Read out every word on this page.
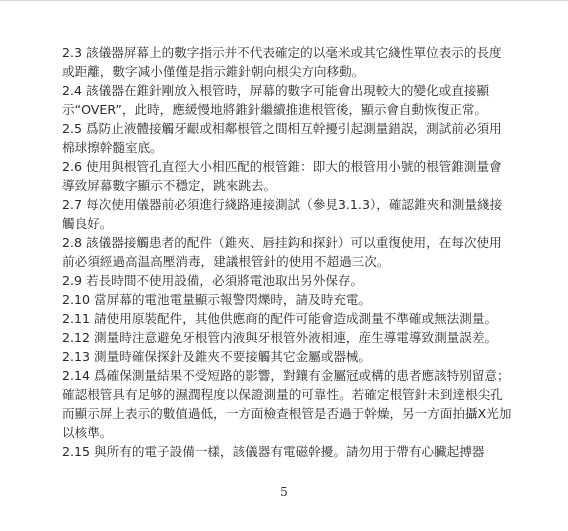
2.3 該儀器屏幕上的數字指示并不代表確定的以毫米或其它綫性單位表示的長度或距離，數字减小僅僅是指示錐針朝向根尖方向移動。

2.4 該儀器在錐針剛放入根管時，屏幕的數字可能會出現較大的變化或直接顯示“OVER”，此時，應緩慢地將錐針繼續推進根管後，顯示會自動恢復正常。

2.5 爲防止液體接觸牙齦或相鄰根管之間相互幹擾引起測量錯誤，測試前必須用棉球擦幹髓室底。

2.6 使用與根管孔直徑大小相匹配的根管錐：即大的根管用小號的根管錐測量會導致屏幕數字顯示不穩定，跳來跳去。

2.7 每次使用儀器前必須進行綫路連接測試（參見3.1.3），確認錐夾和測量綫接觸良好。

2.8 該儀器接觸患者的配件（錐夾、唇挂鈎和探針）可以重復使用，在每次使用前必須經過高温高壓消毒，建議根管針的使用不超過三次。

2.9 若長時間不使用設備，必須將電池取出另外保存。

2.10 當屏幕的電池電量顯示報警閃爍時，請及時充電。

2.11 請使用原裝配件，其他供應商的配件可能會造成測量不準確或無法測量。

2.12 測量時注意避免牙根管内液與牙根管外液相連，産生導電導致測量誤差。

2.13 測量時確保探針及錐夾不要接觸其它金屬或器械。

2.14 爲確保測量結果不受短路的影響，對鑲有金屬冠或構的患者應該特别留意；確認根管具有足够的濕潤程度以保證測量的可靠性。若確定根管針未到達根尖孔而顯示屏上表示的數值過低，一方面檢查根管是否過于幹燥，另一方面拍攝X光加以核準。

2.15 與所有的電子設備一樣，該儀器有電磁幹擾。請勿用于帶有心臟起搏器

5
